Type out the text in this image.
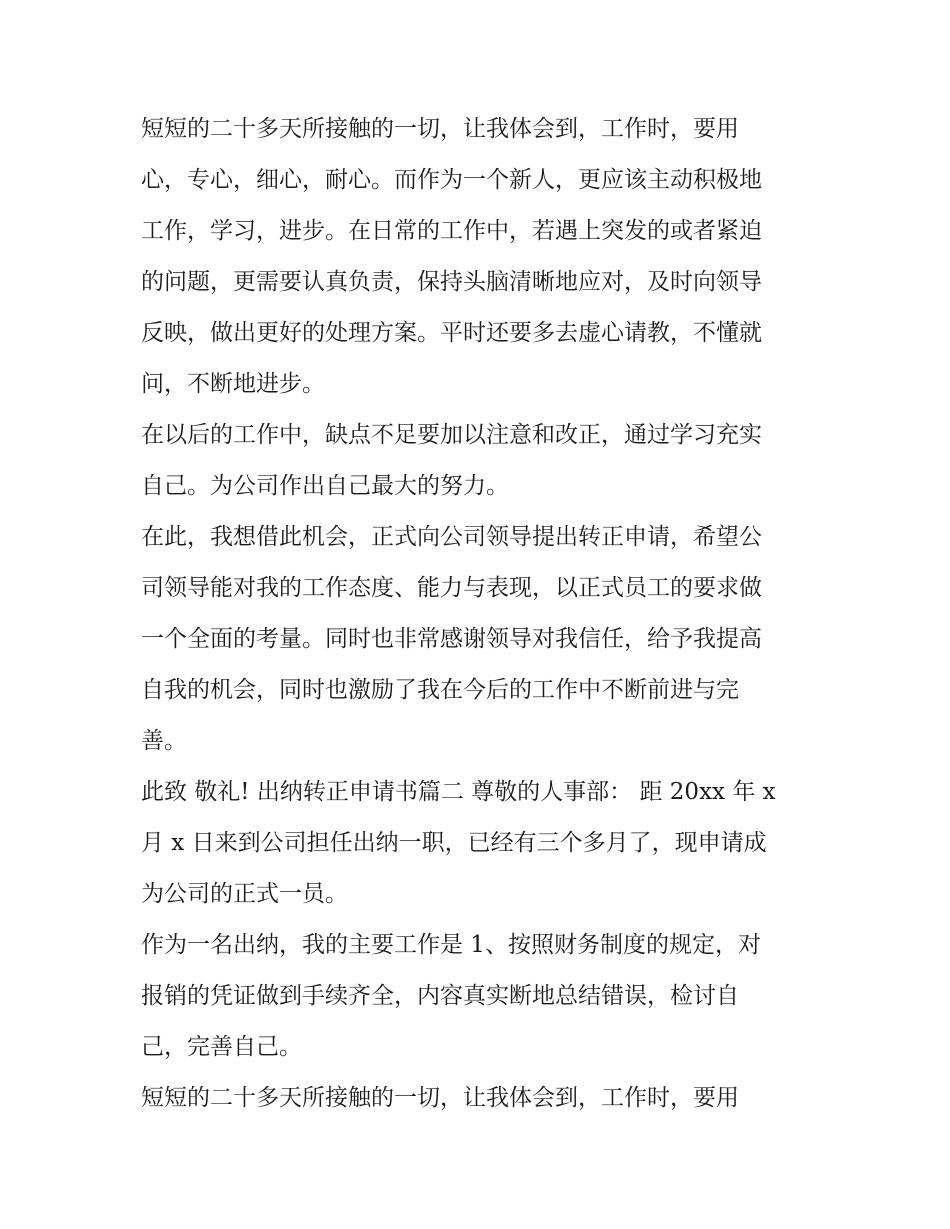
短短的二十多天所接触的一切，让我体会到，工作时，要用
心，专心，细心，耐心。而作为一个新人，更应该主动积极地
工作，学习，进步。在日常的工作中，若遇上突发的或者紧迫
的问题，更需要认真负责，保持头脑清晰地应对，及时向领导
反映，做出更好的处理方案。平时还要多去虚心请教，不懂就
问，不断地进步。
在以后的工作中，缺点不足要加以注意和改正，通过学习充实
自己。为公司作出自己最大的努力。
在此，我想借此机会，正式向公司领导提出转正申请，希望公
司领导能对我的工作态度、能力与表现，以正式员工的要求做
一个全面的考量。同时也非常感谢领导对我信任，给予我提高
自我的机会，同时也激励了我在今后的工作中不断前进与完
善。
此致 敬礼! 出纳转正申请书篇二 尊敬的人事部： 距 20xx 年 x
月 x 日来到公司担任出纳一职，已经有三个多月了，现申请成
为公司的正式一员。
作为一名出纳，我的主要工作是 1、按照财务制度的规定，对
报销的凭证做到手续齐全，内容真实断地总结错误，检讨自
己，完善自己。
短短的二十多天所接触的一切，让我体会到，工作时，要用
